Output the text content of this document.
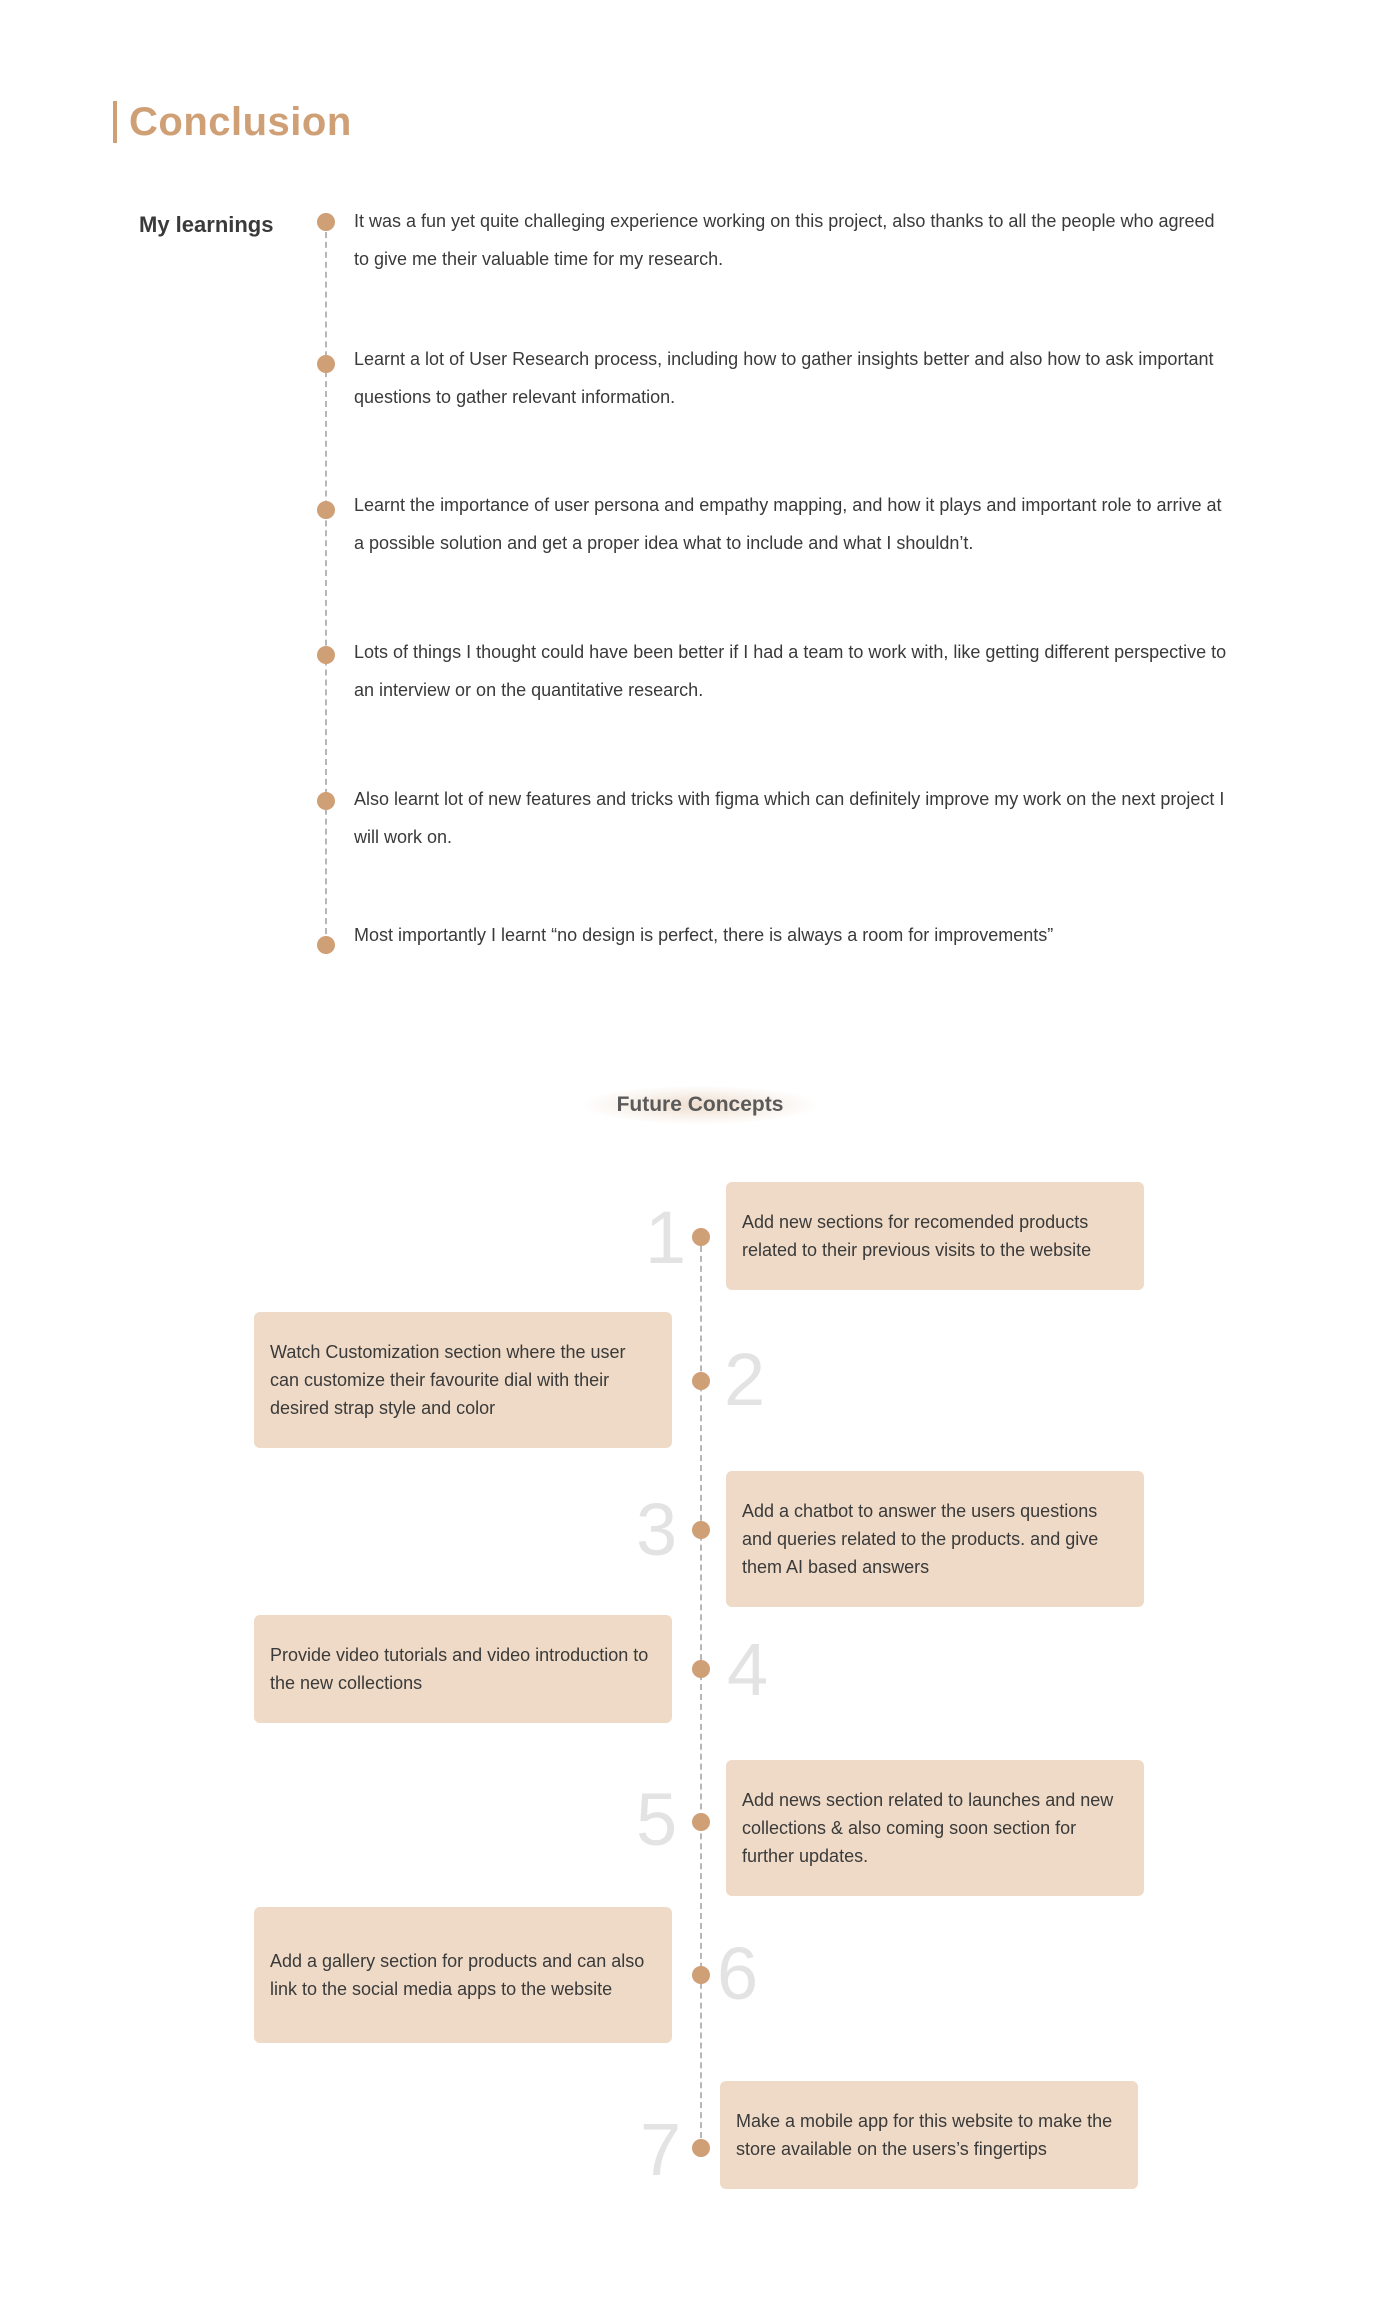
Conclusion
My learnings	It was a fun yet quite challeging experience working on this project, also thanks to all the people who agreed to give me their valuable time for my research.
Learnt a lot of User Research process, including how to gather insights better and also how to ask important questions to gather relevant information.
Learnt the importance of user persona and empathy mapping, and how it plays and important role to arrive at a possible solution and get a proper idea what to include and what I shouldn’t.
Lots of things I thought could have been better if I had a team to work with, like getting different perspective to an interview or on the quantitative research.
Also learnt lot of new features and tricks with figma which can definitely improve my work on the next project I will work on.
Most importantly I learnt “no design is perfect, there is always a room for improvements”
Future Concepts
1	Add new sections for recomended products related to their previous visits to the website
Watch Customization section where the user can customize their favourite dial with their desired strap style and color	2
3	Add a chatbot to answer the users questions and queries related to the products. and give them AI based answers
Provide video tutorials and video introduction to the new collections	4
5	Add news section related to launches and new collections & also coming soon section for further updates.
Add a gallery section for products and can also link to the social media apps to the website	6
7	Make a mobile app for this website to make the store available on the users’s fingertips
